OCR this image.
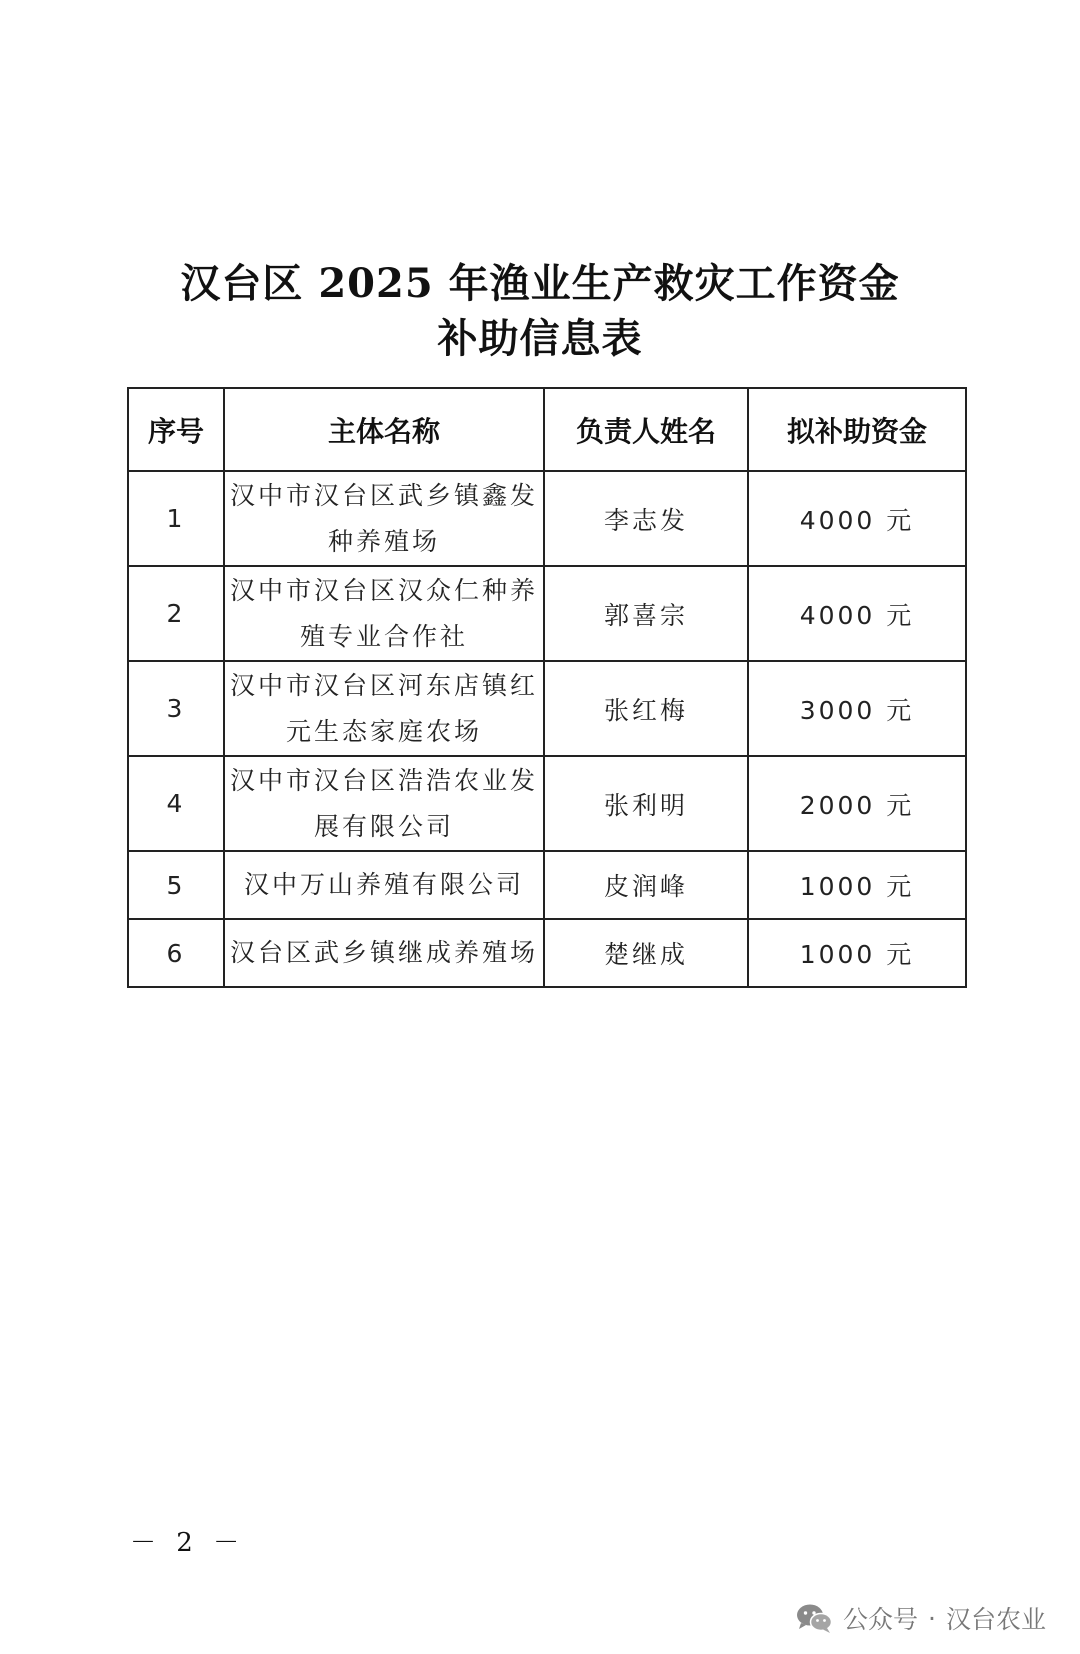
汉台区 2025 年渔业生产救灾工作资金
补助信息表
序号	主体名称	负责人姓名	拟补助资金
1	汉中市汉台区武乡镇鑫发种养殖场	李志发	4000 元
2	汉中市汉台区汉众仁种养殖专业合作社	郭喜宗	4000 元
3	汉中市汉台区河东店镇红元生态家庭农场	张红梅	3000 元
4	汉中市汉台区浩浩农业发展有限公司	张利明	2000 元
5	汉中万山养殖有限公司	皮润峰	1000 元
6	汉台区武乡镇继成养殖场	楚继成	1000 元
－ 2 －
公众号 · 汉台农业
